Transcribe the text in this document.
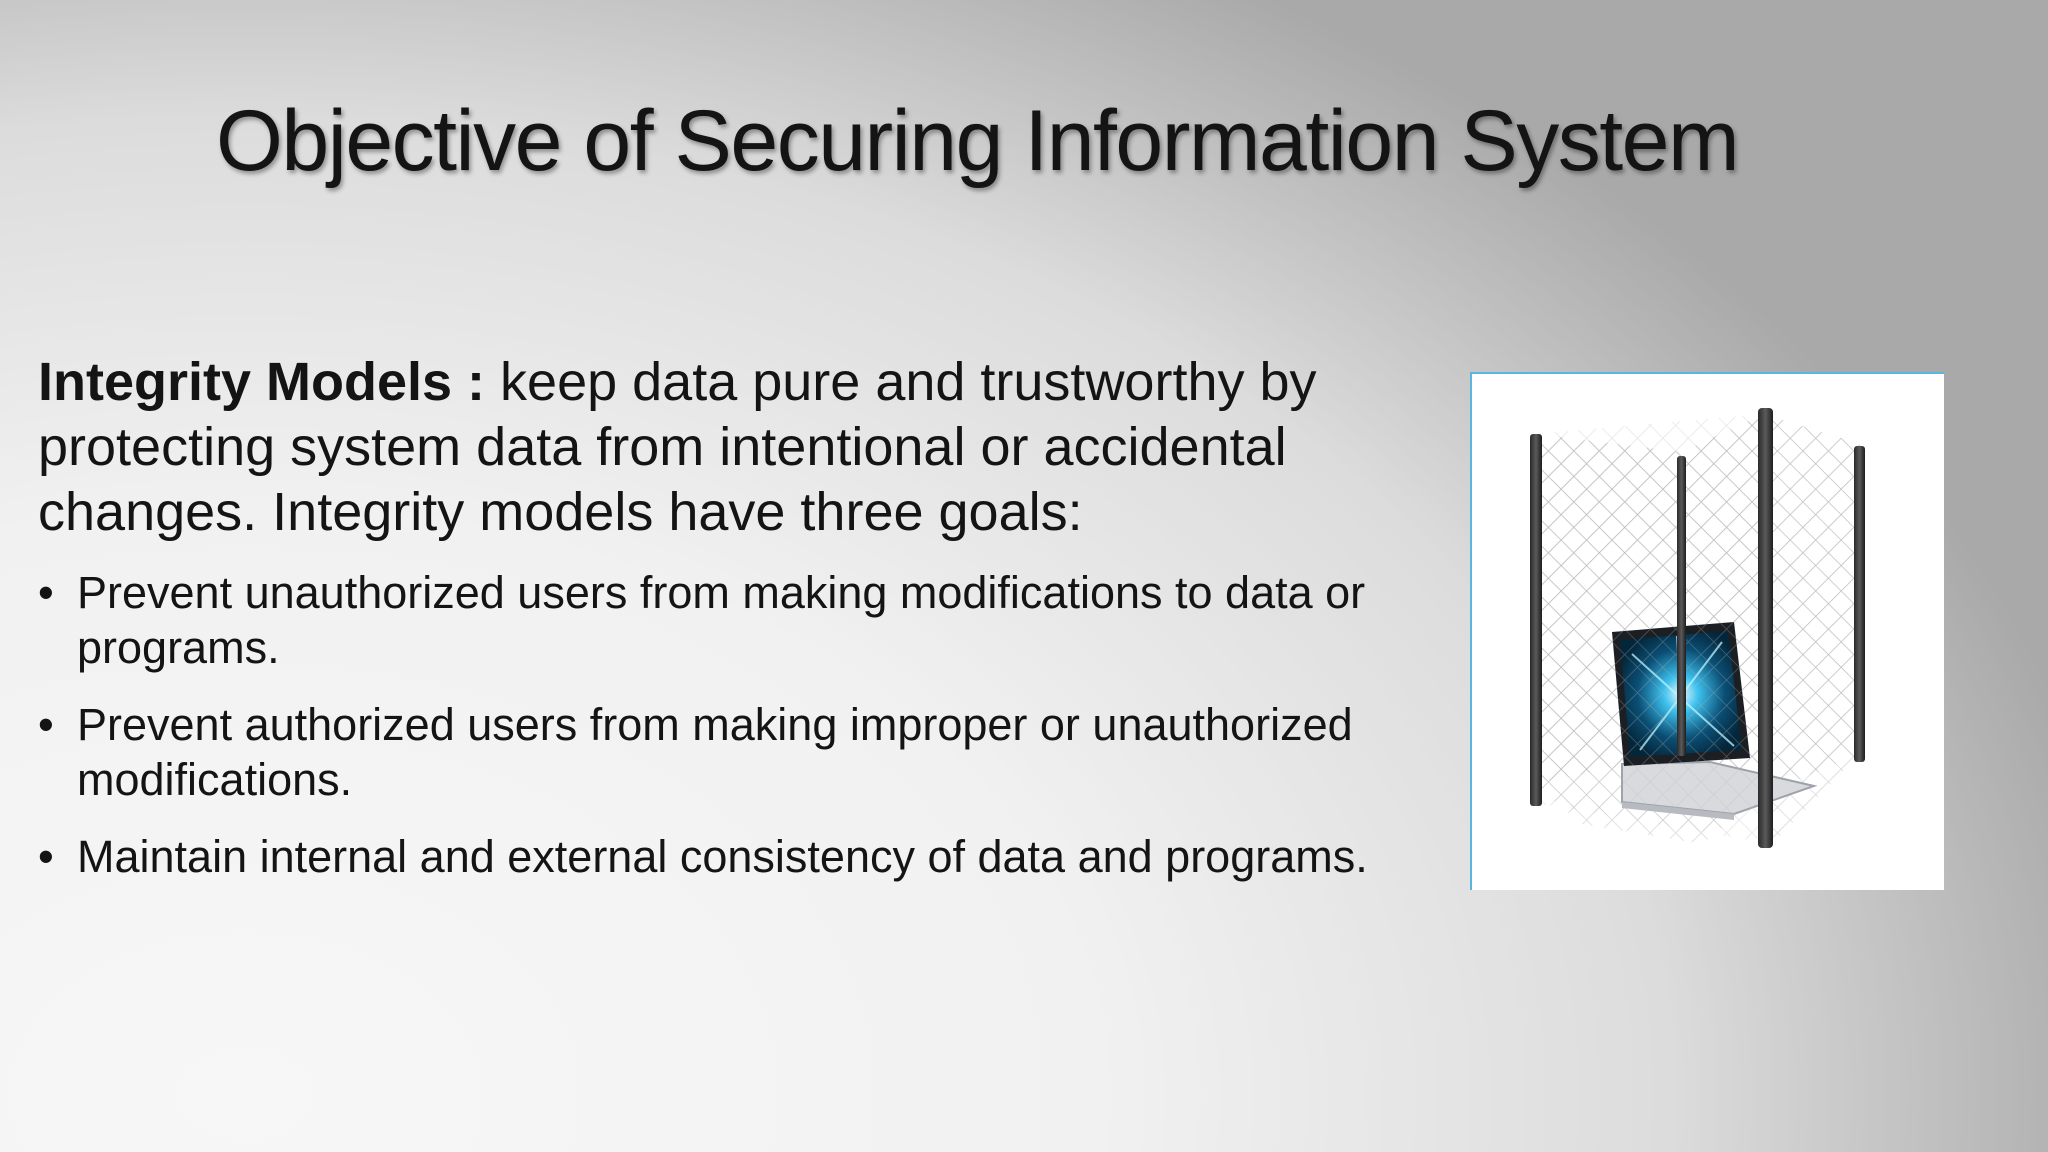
Objective of Securing Information System

Integrity Models : keep data pure and trustworthy by protecting system data from intentional or accidental changes. Integrity models have three goals:

• Prevent unauthorized users from making modifications to data or programs.
• Prevent authorized users from making improper or unauthorized modifications.
• Maintain internal and external consistency of data and programs.
